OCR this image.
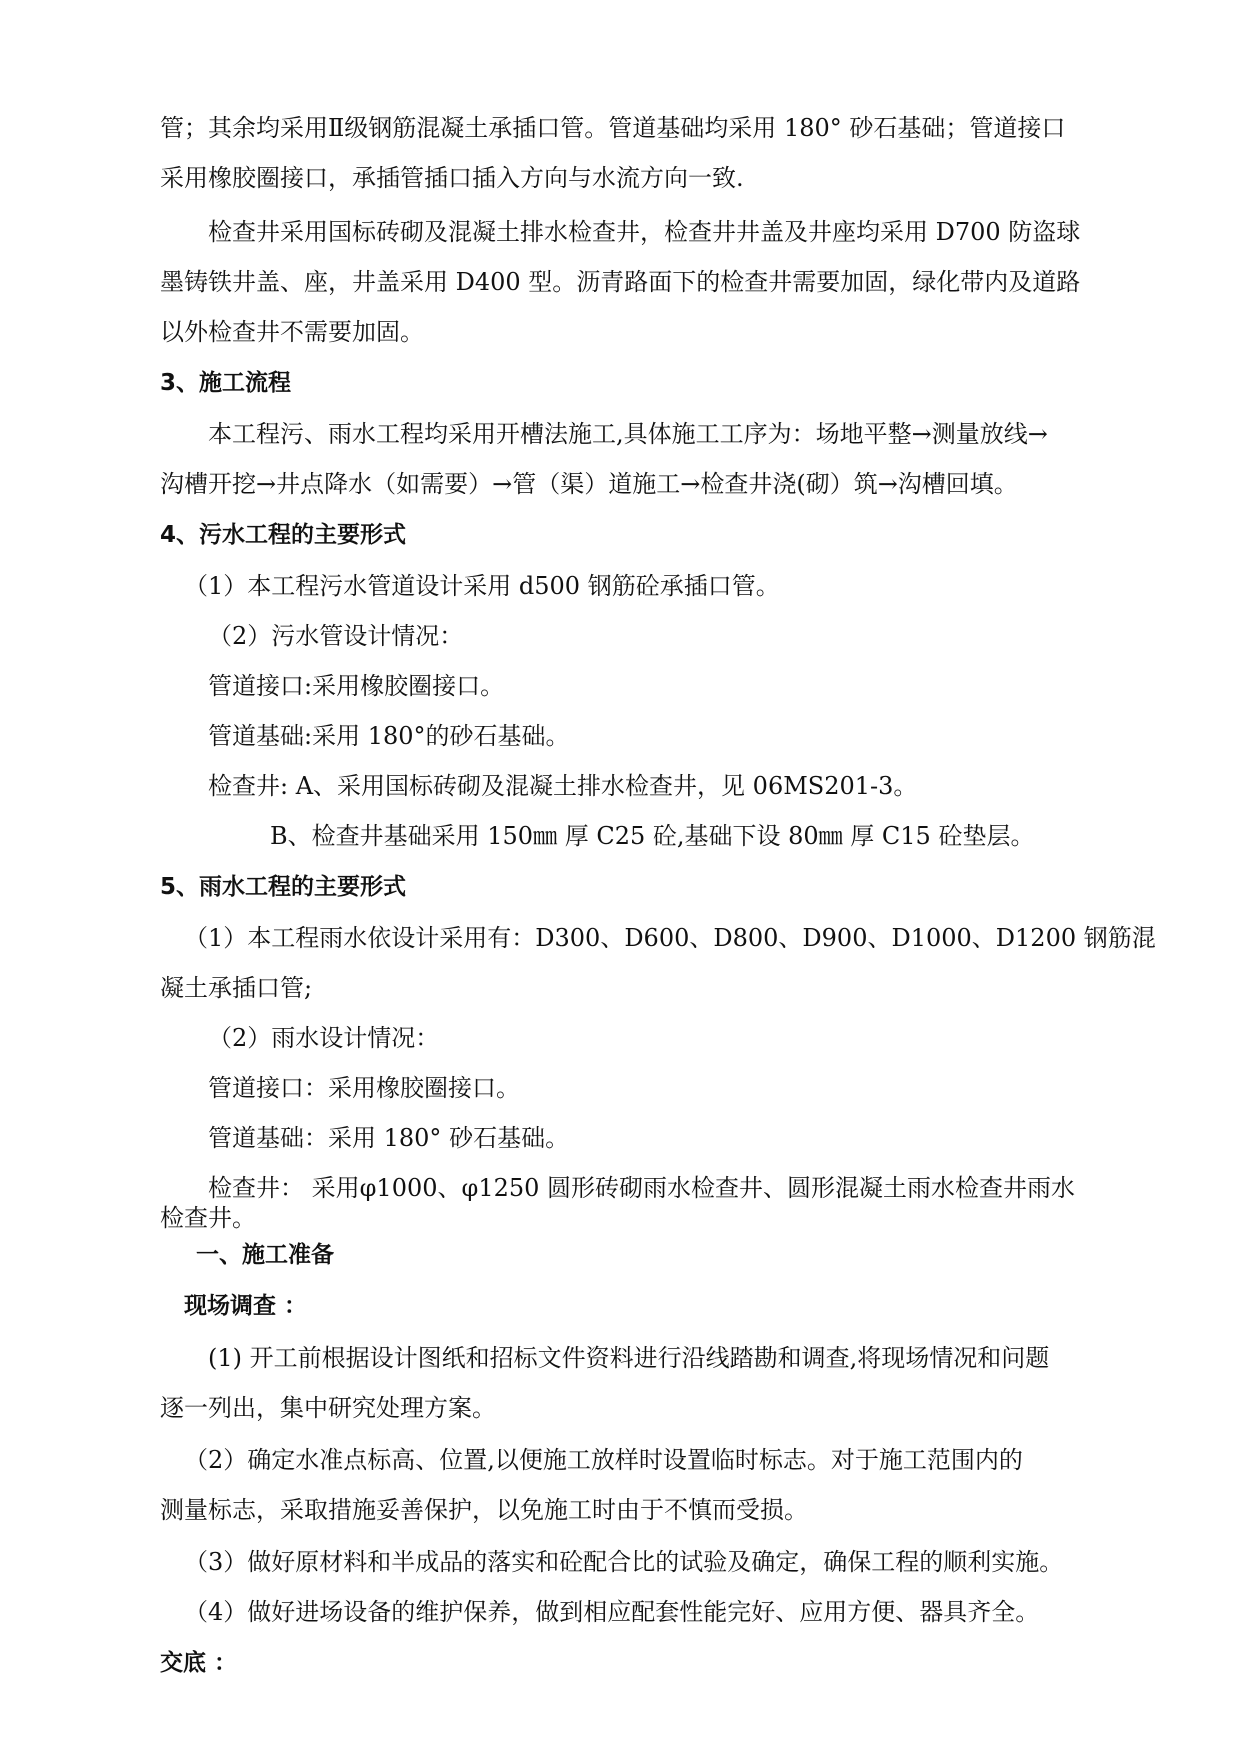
管；其余均采用Ⅱ级钢筋混凝土承插口管。管道基础均采用 180° 砂石基础；管道接口
采用橡胶圈接口，承插管插口插入方向与水流方向一致.
检查井采用国标砖砌及混凝土排水检查井，检查井井盖及井座均采用 D700 防盗球
墨铸铁井盖、座，井盖采用 D400 型。沥青路面下的检查井需要加固，绿化带内及道路
以外检查井不需要加固。
3、施工流程
本工程污、雨水工程均采用开槽法施工,具体施工工序为：场地平整→测量放线→
沟槽开挖→井点降水（如需要）→管（渠）道施工→检查井浇(砌）筑→沟槽回填。
4、污水工程的主要形式
（1）本工程污水管道设计采用 d500 钢筋砼承插口管。
（2）污水管设计情况：
管道接口:采用橡胶圈接口。
管道基础:采用 180°的砂石基础。
检查井: A、采用国标砖砌及混凝土排水检查井，见 06MS201-3。
B、检查井基础采用 150㎜ 厚 C25 砼,基础下设 80㎜ 厚 C15 砼垫层。
5、雨水工程的主要形式
（1）本工程雨水依设计采用有：D300、D600、D800、D900、D1000、D1200 钢筋混
凝土承插口管;
（2）雨水设计情况：
管道接口：采用橡胶圈接口。
管道基础：采用 180° 砂石基础。
检查井： 采用φ1000、φ1250 圆形砖砌雨水检查井、圆形混凝土雨水检查井雨水
检查井。
一、施工准备
现场调查 ：
(1) 开工前根据设计图纸和招标文件资料进行沿线踏勘和调查,将现场情况和问题
逐一列出，集中研究处理方案。
（2）确定水准点标高、位置,以便施工放样时设置临时标志。对于施工范围内的
测量标志，采取措施妥善保护，以免施工时由于不慎而受损。
（3）做好原材料和半成品的落实和砼配合比的试验及确定，确保工程的顺利实施。
（4）做好进场设备的维护保养，做到相应配套性能完好、应用方便、器具齐全。
交底 ：
